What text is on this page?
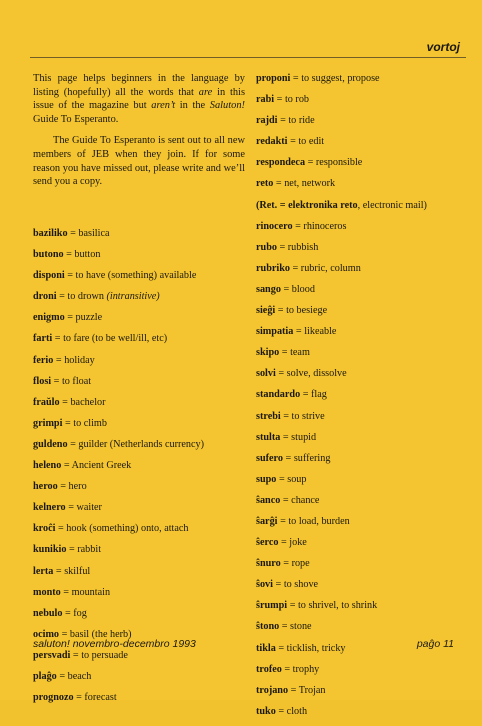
vortoj

This page helps beginners in the language by listing (hopefully) all the words that are in this issue of the magazine but aren’t in the Saluton! Guide To Esperanto.

The Guide To Esperanto is sent out to all new members of JEB when they join. If for some reason you have missed out, please write and we’ll send you a copy.

baziliko = basilica
butono = button
disponi = to have (something) available
droni = to drown (intransitive)
enigmo = puzzle
farti = to fare (to be well/ill, etc)
ferio = holiday
flosi = to float
fraŭlo = bachelor
grimpi = to climb
guldeno = guilder (Netherlands currency)
heleno = Ancient Greek
heroo = hero
kelnero = waiter
kroĉi = hook (something) onto, attach
kunikio = rabbit
lerta = skilful
monto = mountain
nebulo = fog
ocimo = basil (the herb)
persvadi = to persuade
plaĝo = beach
prognozo = forecast
proponi = to suggest, propose
rabi = to rob
rajdi = to ride
redakti = to edit
respondeca = responsible
reto = net, network
(Ret. = elektronika reto, electronic mail)
rinocero = rhinoceros
rubo = rubbish
rubriko = rubric, column
sango = blood
sieĝi = to besiege
simpatia = likeable
skipo = team
solvi = solve, dissolve
standardo = flag
strebi = to strive
stulta = stupid
sufero = suffering
supo = soup
ŝanco = chance
ŝarĝi = to load, burden
ŝerco = joke
ŝnuro = rope
ŝovi = to shove
ŝrumpi = to shrivel, to shrink
ŝtono = stone
tikla = ticklish, tricky
trofeo = trophy
trojano = Trojan
tuko = cloth
saluton! novembro-decembro 1993	paĝo 11
